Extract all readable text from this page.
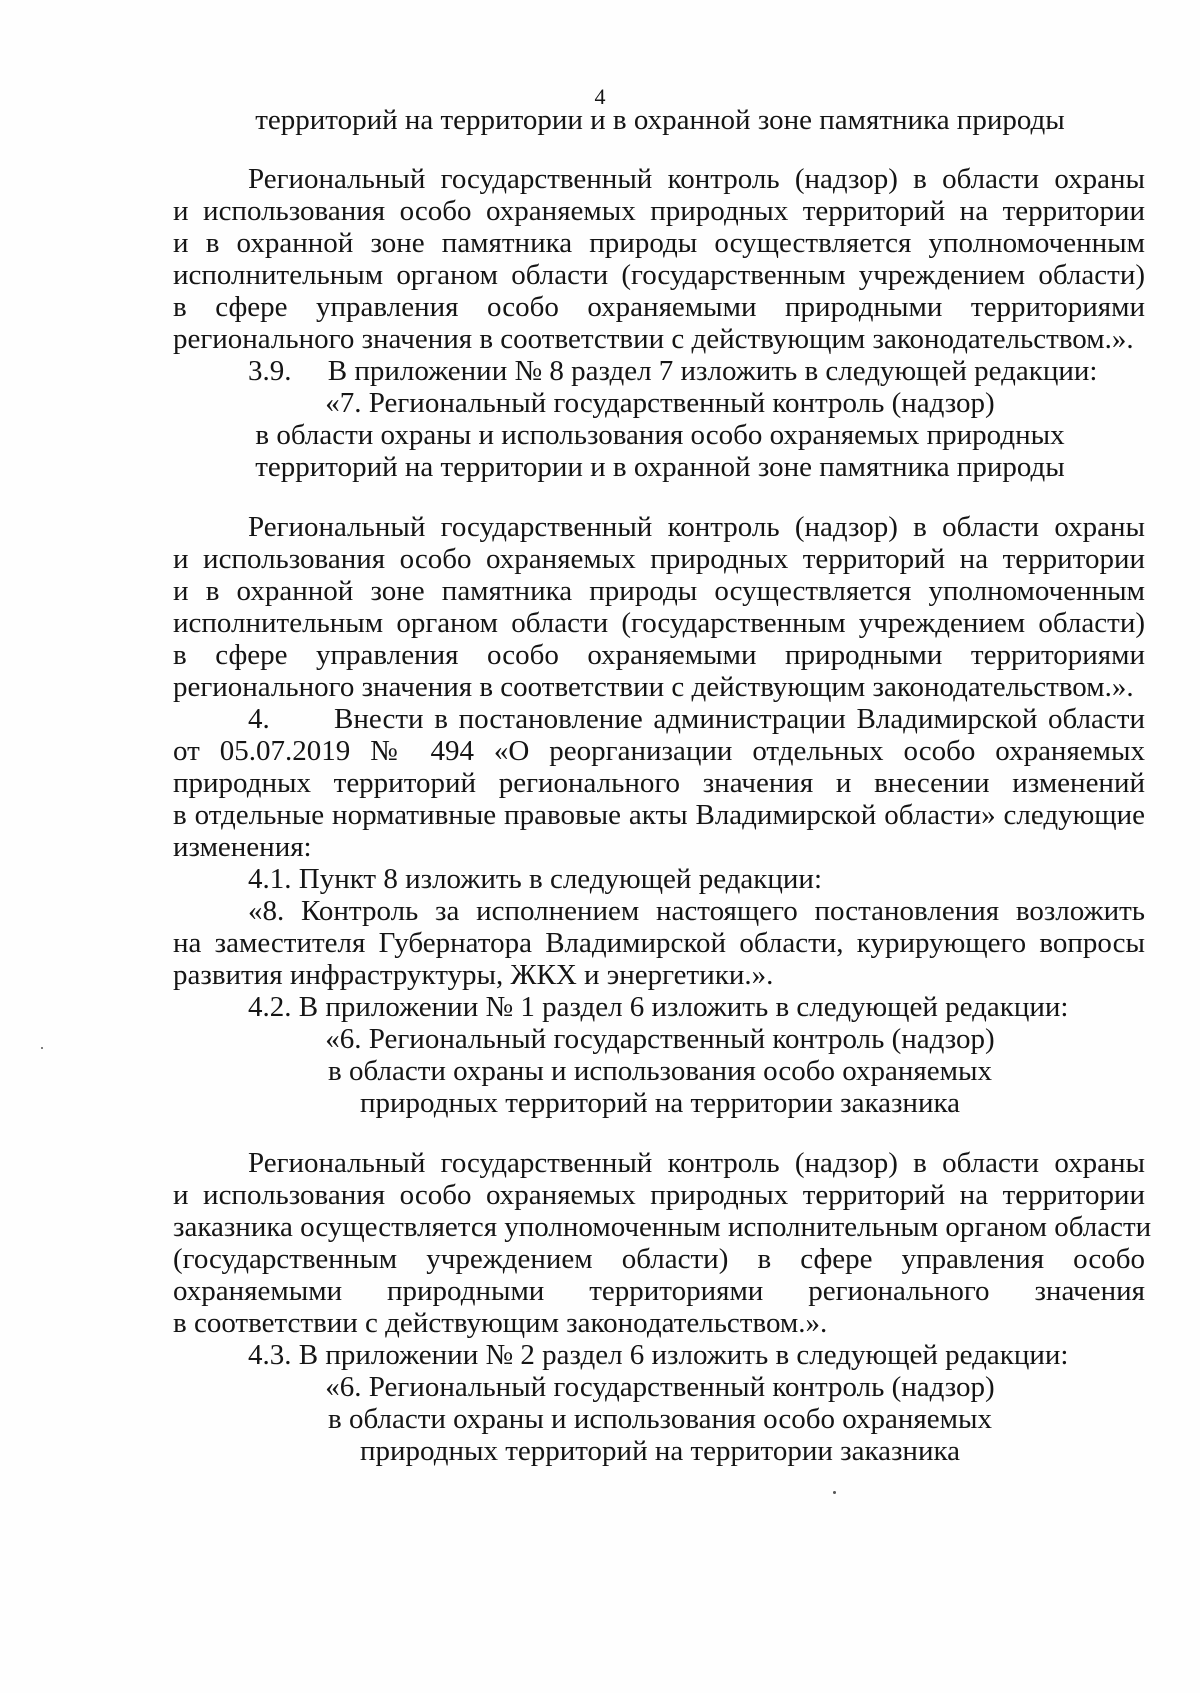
4
территорий на территории и в охранной зоне памятника природы
Региональный государственный контроль (надзор) в области охраны
и использования особо охраняемых природных территорий на территории
и в охранной зоне памятника природы осуществляется уполномоченным
исполнительным органом области (государственным учреждением области)
в сфере управления особо охраняемыми природными территориями
регионального значения в соответствии с действующим законодательством.».
3.9.     В приложении № 8 раздел 7 изложить в следующей редакции:
«7. Региональный государственный контроль (надзор)
в области охраны и использования особо охраняемых природных
территорий на территории и в охранной зоне памятника природы
Региональный государственный контроль (надзор) в области охраны
и использования особо охраняемых природных территорий на территории
и в охранной зоне памятника природы осуществляется уполномоченным
исполнительным органом области (государственным учреждением области)
в сфере управления особо охраняемыми природными территориями
регионального значения в соответствии с действующим законодательством.».
4.      Внести в постановление администрации Владимирской области
от 05.07.2019 № 494 «О реорганизации отдельных особо охраняемых
природных территорий регионального значения и внесении изменений
в отдельные нормативные правовые акты Владимирской области» следующие
изменения:
4.1. Пункт 8 изложить в следующей редакции:
«8. Контроль за исполнением настоящего постановления возложить
на заместителя Губернатора Владимирской области, курирующего вопросы
развития инфраструктуры, ЖКХ и энергетики.».
4.2. В приложении № 1 раздел 6 изложить в следующей редакции:
«6. Региональный государственный контроль (надзор)
в области охраны и использования особо охраняемых
природных территорий на территории заказника
Региональный государственный контроль (надзор) в области охраны
и использования особо охраняемых природных территорий на территории
заказника осуществляется уполномоченным исполнительным органом области
(государственным учреждением области) в сфере управления особо
охраняемыми природными территориями регионального значения
в соответствии с действующим законодательством.».
4.3. В приложении № 2 раздел 6 изложить в следующей редакции:
«6. Региональный государственный контроль (надзор)
в области охраны и использования особо охраняемых
природных территорий на территории заказника
